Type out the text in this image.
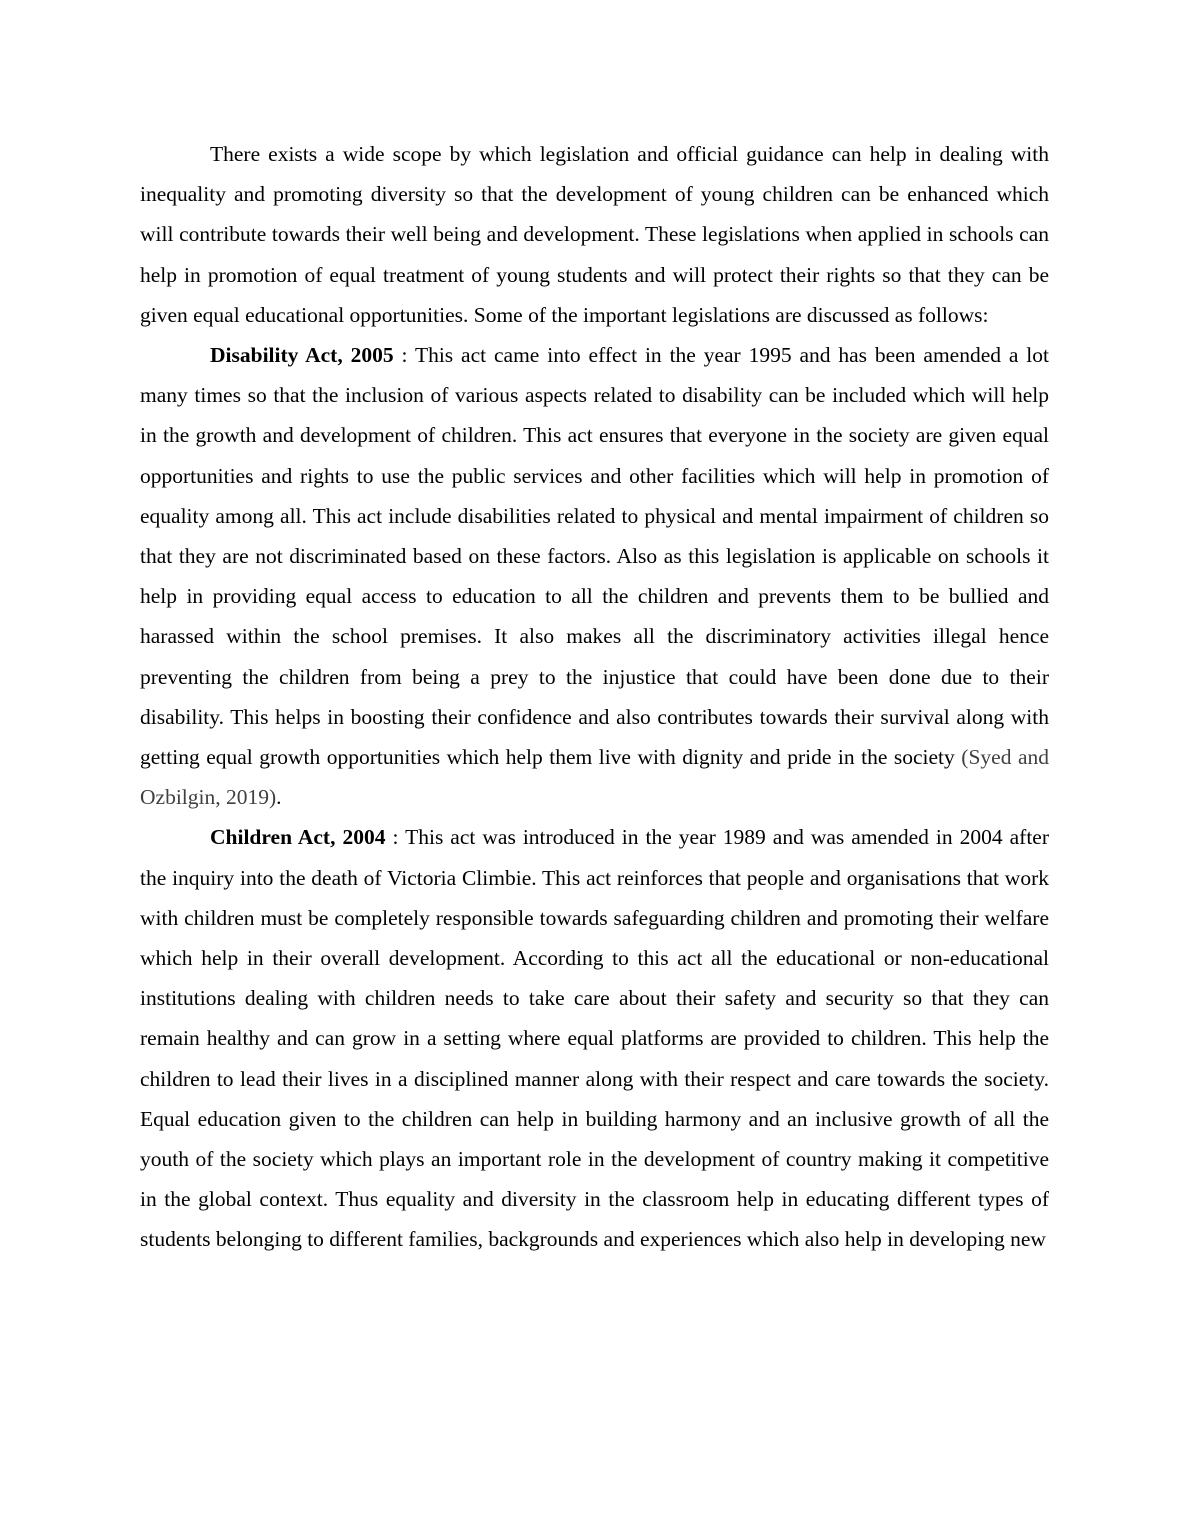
There exists a wide scope by which legislation and official guidance can help in dealing with inequality and promoting diversity so that the development of young children can be enhanced which will contribute towards their well being and development. These legislations when applied in schools can help in promotion of equal treatment of young students and will protect their rights so that they can be given equal educational opportunities. Some of the important legislations are discussed as follows:

Disability Act, 2005 : This act came into effect in the year 1995 and has been amended a lot many times so that the inclusion of various aspects related to disability can be included which will help in the growth and development of children. This act ensures that everyone in the society are given equal opportunities and rights to use the public services and other facilities which will help in promotion of equality among all. This act include disabilities related to physical and mental impairment of children so that they are not discriminated based on these factors. Also as this legislation is applicable on schools it help in providing equal access to education to all the children and prevents them to be bullied and harassed within the school premises. It also makes all the discriminatory activities illegal hence preventing the children from being a prey to the injustice that could have been done due to their disability. This helps in boosting their confidence and also contributes towards their survival along with getting equal growth opportunities which help them live with dignity and pride in the society (Syed and Ozbilgin, 2019).

Children Act, 2004 : This act was introduced in the year 1989 and was amended in 2004 after the inquiry into the death of Victoria Climbie. This act reinforces that people and organisations that work with children must be completely responsible towards safeguarding children and promoting their welfare which help in their overall development. According to this act all the educational or non-educational institutions dealing with children needs to take care about their safety and security so that they can remain healthy and can grow in a setting where equal platforms are provided to children. This help the children to lead their lives in a disciplined manner along with their respect and care towards the society. Equal education given to the children can help in building harmony and an inclusive growth of all the youth of the society which plays an important role in the development of country making it competitive in the global context. Thus equality and diversity in the classroom help in educating different types of students belonging to different families, backgrounds and experiences which also help in developing new
